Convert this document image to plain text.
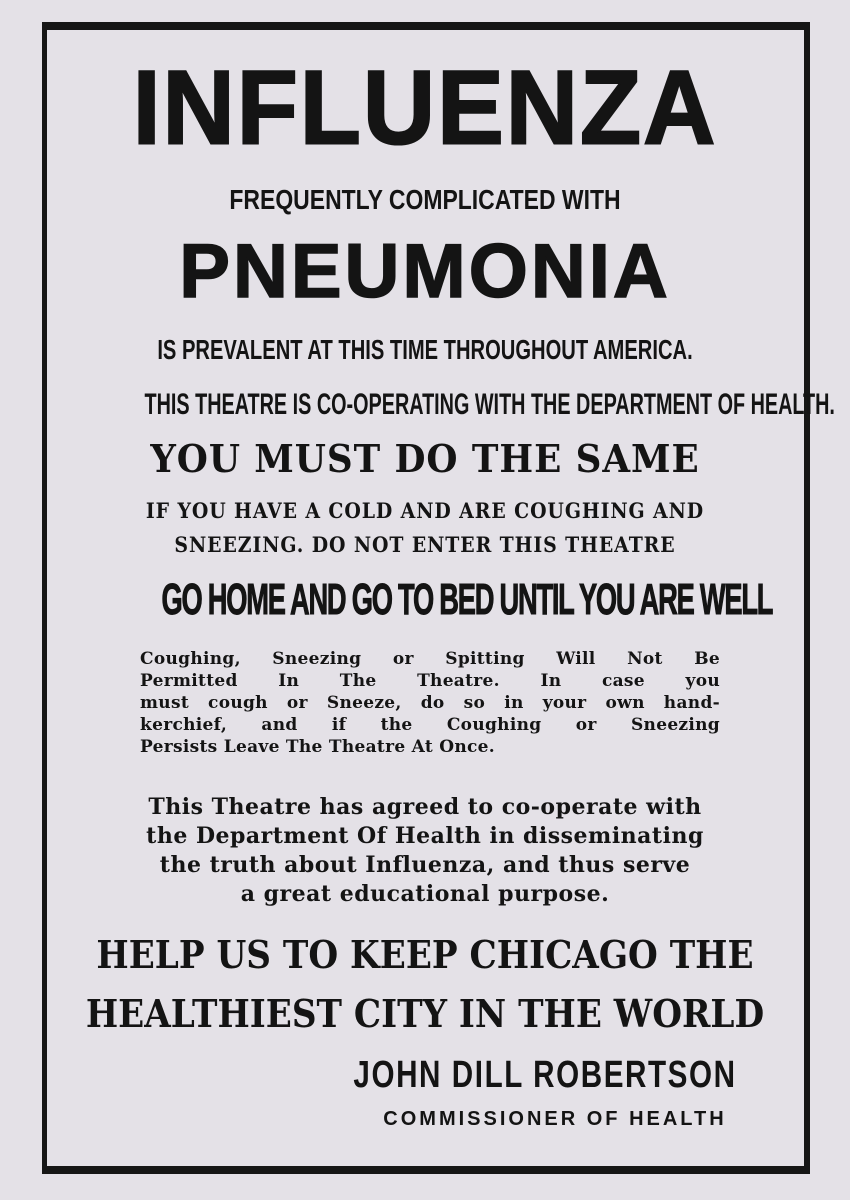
INFLUENZA
FREQUENTLY COMPLICATED WITH
PNEUMONIA
IS PREVALENT AT THIS TIME THROUGHOUT AMERICA.
THIS THEATRE IS CO-OPERATING WITH THE DEPARTMENT OF HEALTH.
YOU MUST DO THE SAME
IF YOU HAVE A COLD AND ARE COUGHING AND
SNEEZING. DO NOT ENTER THIS THEATRE
GO HOME AND GO TO BED UNTIL YOU ARE WELL
Coughing, Sneezing or Spitting Will Not Be
Permitted In The Theatre. In case you
must cough or Sneeze, do so in your own hand-
kerchief, and if the Coughing or Sneezing
Persists Leave The Theatre At Once.
This Theatre has agreed to co-operate with
the Department Of Health in disseminating
the truth about Influenza, and thus serve
a great educational purpose.
HELP US TO KEEP CHICAGO THE
HEALTHIEST CITY IN THE WORLD
JOHN DILL ROBERTSON
COMMISSIONER OF HEALTH
